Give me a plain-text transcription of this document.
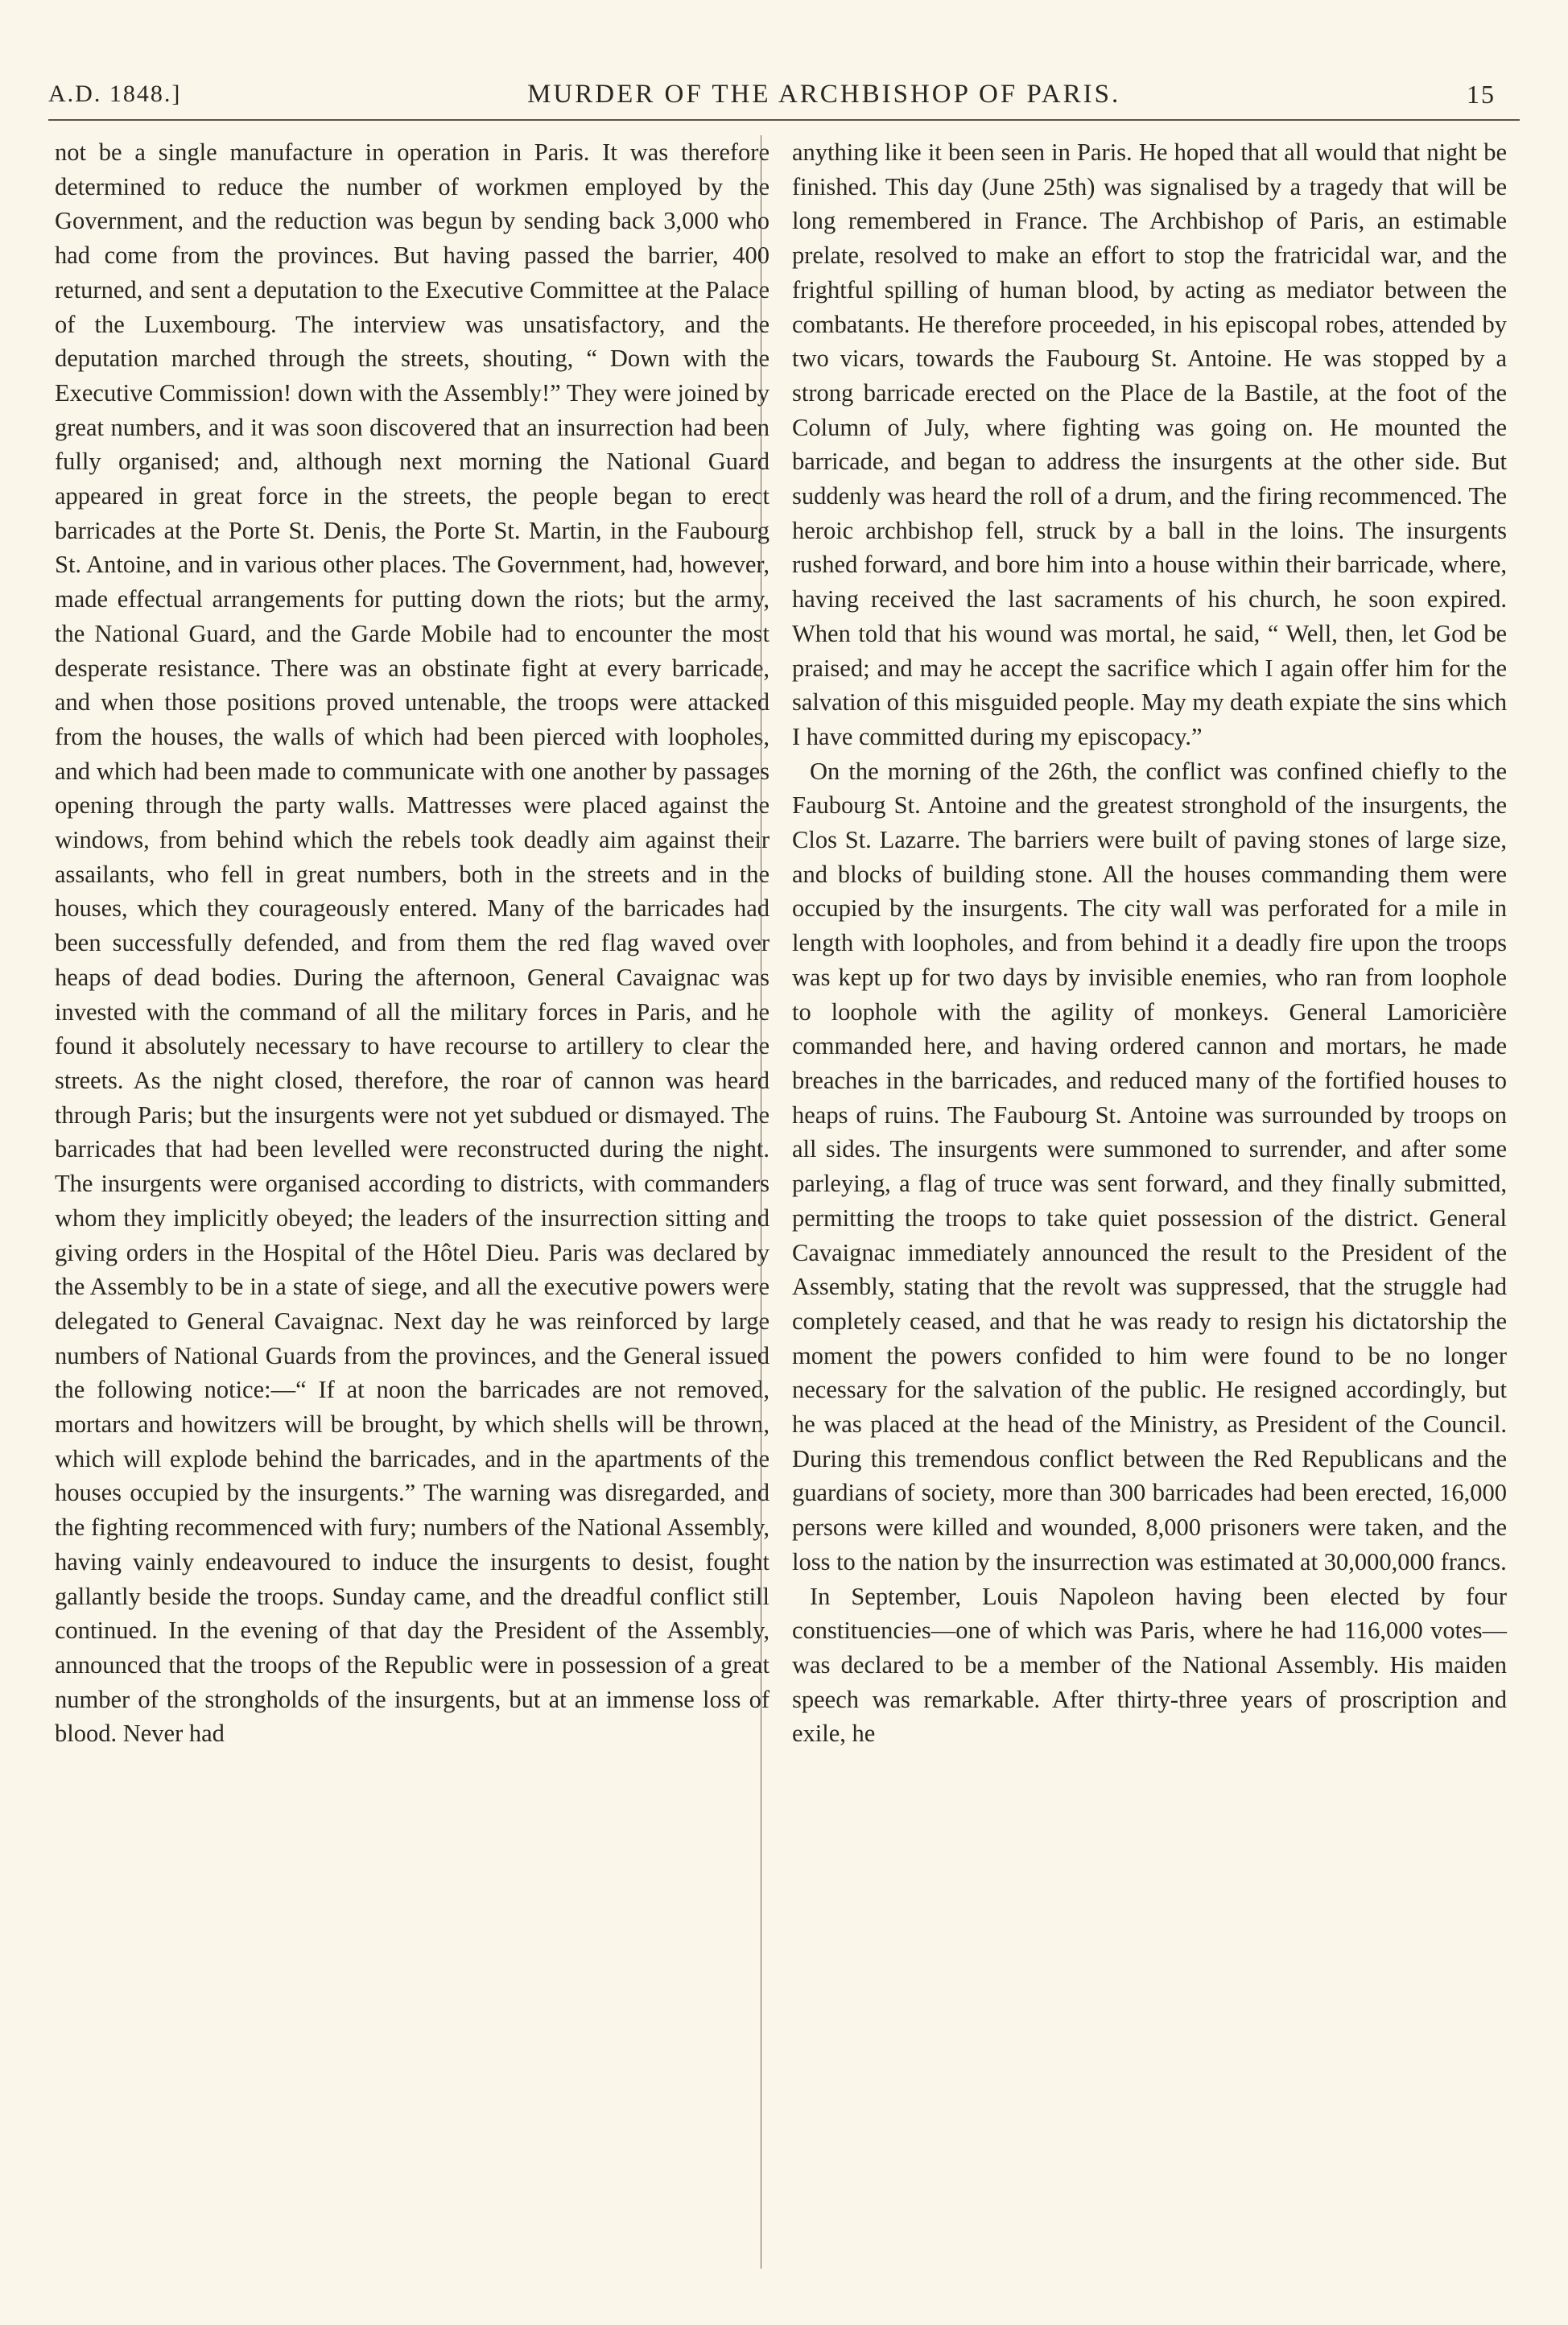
A.D. 1848.]	MURDER OF THE ARCHBISHOP OF PARIS.	15

not be a single manufacture in operation in Paris. It was therefore determined to reduce the number of workmen employed by the Government, and the reduction was begun by sending back 3,000 who had come from the provinces. But having passed the barrier, 400 returned, and sent a deputation to the Executive Committee at the Palace of the Luxembourg. The interview was unsatisfactory, and the deputation marched through the streets, shouting, “ Down with the Executive Commission! down with the Assembly!” They were joined by great numbers, and it was soon discovered that an insurrection had been fully organised; and, although next morning the National Guard appeared in great force in the streets, the people began to erect barricades at the Porte St. Denis, the Porte St. Martin, in the Faubourg St. Antoine, and in various other places. The Government, had, however, made effectual arrangements for putting down the riots; but the army, the National Guard, and the Garde Mobile had to encounter the most desperate resistance. There was an obstinate fight at every barricade, and when those positions proved untenable, the troops were attacked from the houses, the walls of which had been pierced with loopholes, and which had been made to communicate with one another by passages opening through the party walls. Mattresses were placed against the windows, from behind which the rebels took deadly aim against their assailants, who fell in great numbers, both in the streets and in the houses, which they courageously entered. Many of the barricades had been successfully defended, and from them the red flag waved over heaps of dead bodies. During the afternoon, General Cavaignac was invested with the command of all the military forces in Paris, and he found it absolutely necessary to have recourse to artillery to clear the streets. As the night closed, therefore, the roar of cannon was heard through Paris; but the insurgents were not yet subdued or dismayed. The barricades that had been levelled were reconstructed during the night. The insurgents were organised according to districts, with commanders whom they implicitly obeyed; the leaders of the insurrection sitting and giving orders in the Hospital of the Hôtel Dieu. Paris was declared by the Assembly to be in a state of siege, and all the executive powers were delegated to General Cavaignac. Next day he was reinforced by large numbers of National Guards from the provinces, and the General issued the following notice:—“ If at noon the barricades are not removed, mortars and howitzers will be brought, by which shells will be thrown, which will explode behind the barricades, and in the apartments of the houses occupied by the insurgents.” The warning was disregarded, and the fighting recommenced with fury; numbers of the National Assembly, having vainly endeavoured to induce the insurgents to desist, fought gallantly beside the troops. Sunday came, and the dreadful conflict still continued. In the evening of that day the President of the Assembly, announced that the troops of the Republic were in possession of a great number of the strongholds of the insurgents, but at an immense loss of blood. Never had

anything like it been seen in Paris. He hoped that all would that night be finished. This day (June 25th) was signalised by a tragedy that will be long remembered in France. The Archbishop of Paris, an estimable prelate, resolved to make an effort to stop the fratricidal war, and the frightful spilling of human blood, by acting as mediator between the combatants. He therefore proceeded, in his episcopal robes, attended by two vicars, towards the Faubourg St. Antoine. He was stopped by a strong barricade erected on the Place de la Bastile, at the foot of the Column of July, where fighting was going on. He mounted the barricade, and began to address the insurgents at the other side. But suddenly was heard the roll of a drum, and the firing recommenced. The heroic archbishop fell, struck by a ball in the loins. The insurgents rushed forward, and bore him into a house within their barricade, where, having received the last sacraments of his church, he soon expired. When told that his wound was mortal, he said, “ Well, then, let God be praised; and may he accept the sacrifice which I again offer him for the salvation of this misguided people. May my death expiate the sins which I have committed during my episcopacy.”

On the morning of the 26th, the conflict was confined chiefly to the Faubourg St. Antoine and the greatest stronghold of the insurgents, the Clos St. Lazarre. The barriers were built of paving stones of large size, and blocks of building stone. All the houses commanding them were occupied by the insurgents. The city wall was perforated for a mile in length with loopholes, and from behind it a deadly fire upon the troops was kept up for two days by invisible enemies, who ran from loophole to loophole with the agility of monkeys. General Lamoricière commanded here, and having ordered cannon and mortars, he made breaches in the barricades, and reduced many of the fortified houses to heaps of ruins. The Faubourg St. Antoine was surrounded by troops on all sides. The insurgents were summoned to surrender, and after some parleying, a flag of truce was sent forward, and they finally submitted, permitting the troops to take quiet possession of the district. General Cavaignac immediately announced the result to the President of the Assembly, stating that the revolt was suppressed, that the struggle had completely ceased, and that he was ready to resign his dictatorship the moment the powers confided to him were found to be no longer necessary for the salvation of the public. He resigned accordingly, but he was placed at the head of the Ministry, as President of the Council. During this tremendous conflict between the Red Republicans and the guardians of society, more than 300 barricades had been erected, 16,000 persons were killed and wounded, 8,000 prisoners were taken, and the loss to the nation by the insurrection was estimated at 30,000,000 francs.

In September, Louis Napoleon having been elected by four constituencies—one of which was Paris, where he had 116,000 votes—was declared to be a member of the National Assembly. His maiden speech was remarkable. After thirty-three years of proscription and exile, he
